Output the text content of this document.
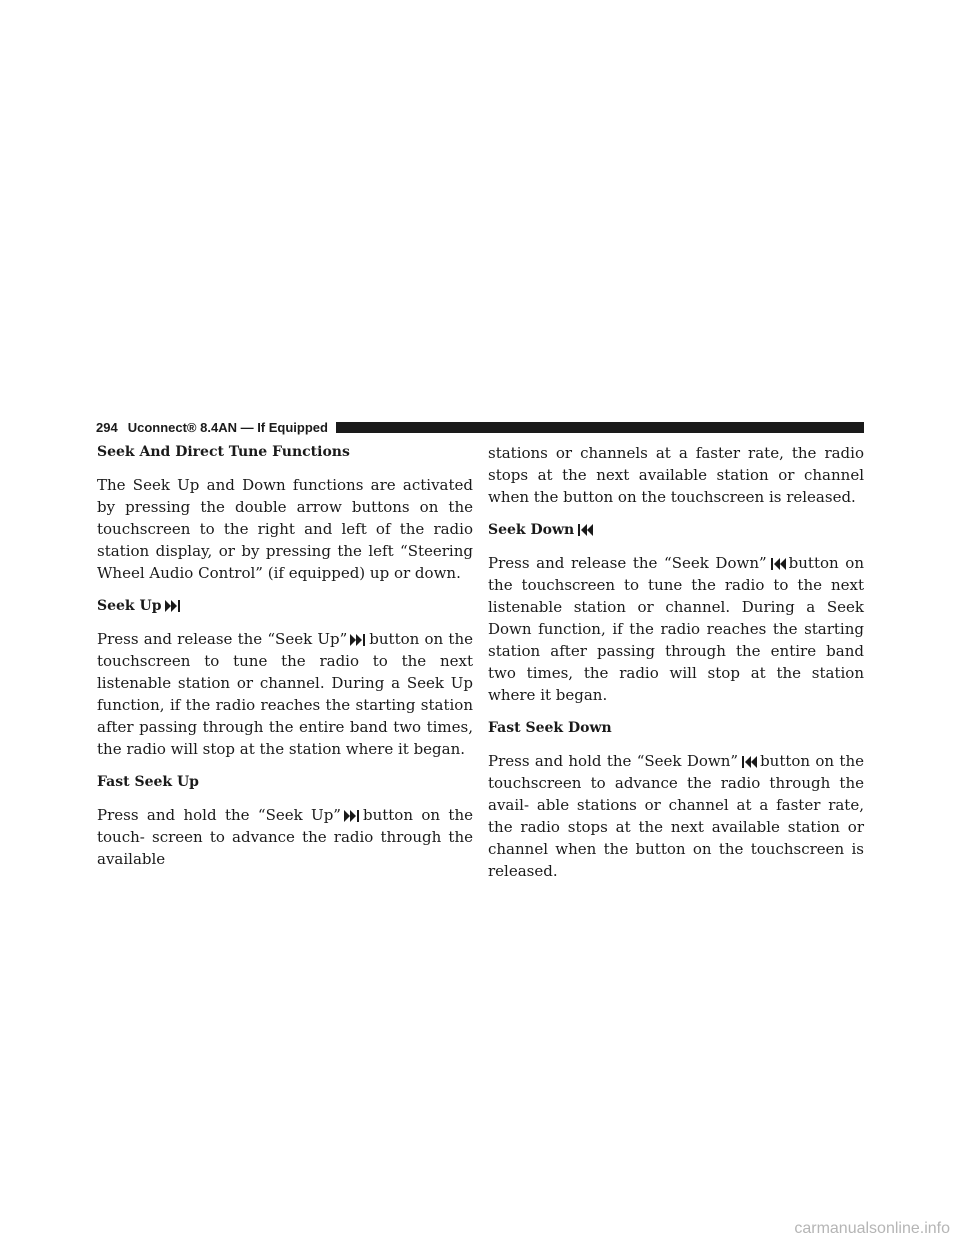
294 Uconnect® 8.4AN — If Equipped
Seek And Direct Tune Functions

The Seek Up and Down functions are activated by pressing the double arrow buttons on the touchscreen to the right and left of the radio station display, or by pressing the left “Steering Wheel Audio Control” (if equipped) up or down.

Seek Up

Press and release the “Seek Up” button on the touchscreen to tune the radio to the next listenable station or channel. During a Seek Up function, if the radio reaches the starting station after passing through the entire band two times, the radio will stop at the station where it began.

Fast Seek Up

Press and hold the “Seek Up” button on the touch- screen to advance the radio through the available

stations or channels at a faster rate, the radio stops at the next available station or channel when the button on the touchscreen is released.

Seek Down

Press and release the “Seek Down” button on the touchscreen to tune the radio to the next listenable station or channel. During a Seek Down function, if the radio reaches the starting station after passing through the entire band two times, the radio will stop at the station where it began.

Fast Seek Down

Press and hold the “Seek Down” button on the touchscreen to advance the radio through the avail- able stations or channel at a faster rate, the radio stops at the next available station or channel when the button on the touchscreen is released.

carmanualsonline.info
